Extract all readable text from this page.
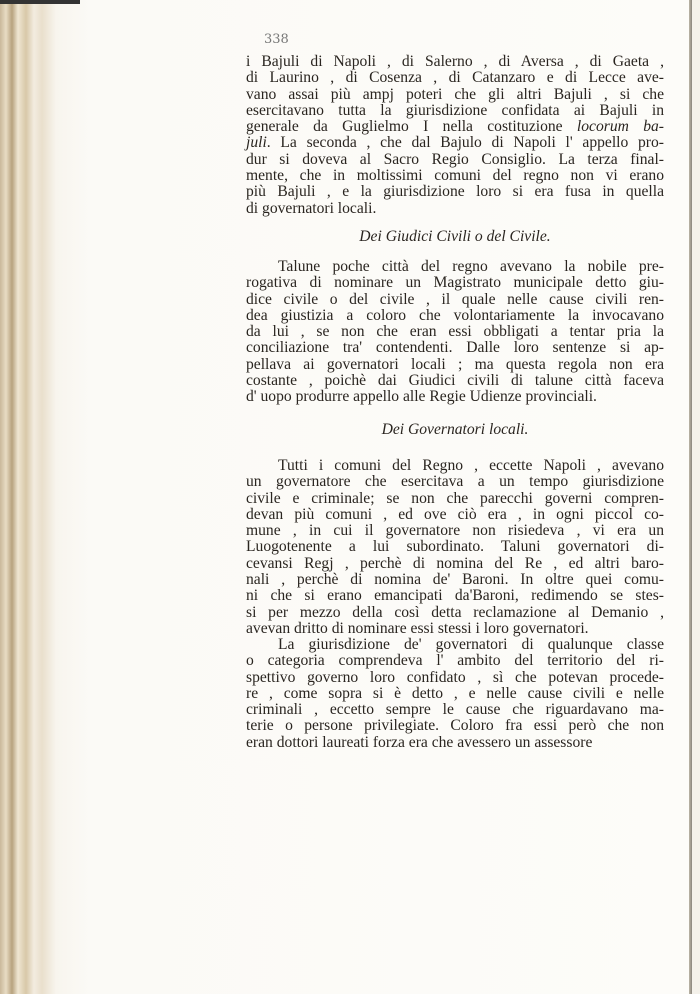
338
i Bajuli di Napoli , di Salerno , di Aversa , di Gaeta ,
di Laurino , di Cosenza , di Catanzaro e di Lecce ave-
vano assai più ampj poteri che gli altri Bajuli , si che
esercitavano tutta la giurisdizione confidata ai Bajuli in
generale da Guglielmo I nella costituzione locorum ba-
juli. La seconda , che dal Bajulo di Napoli l' appello pro-
dur si doveva al Sacro Regio Consiglio. La terza final-
mente, che in moltissimi comuni del regno non vi erano
più Bajuli , e la giurisdizione loro si era fusa in quella
di governatori locali.
Dei Giudici Civili o del Civile.
Talune poche città del regno avevano la nobile pre-
rogativa di nominare un Magistrato municipale detto giu-
dice civile o del civile , il quale nelle cause civili ren-
dea giustizia a coloro che volontariamente la invocavano
da lui , se non che eran essi obbligati a tentar pria la
conciliazione tra' contendenti. Dalle loro sentenze si ap-
pellava ai governatori locali ; ma questa regola non era
costante , poichè dai Giudici civili di talune città faceva
d' uopo produrre appello alle Regie Udienze provinciali.
Dei Governatori locali.
Tutti i comuni del Regno , eccette Napoli , avevano
un governatore che esercitava a un tempo giurisdizione
civile e criminale; se non che parecchi governi compren-
devan più comuni , ed ove ciò era , in ogni piccol co-
mune , in cui il governatore non risiedeva , vi era un
Luogotenente a lui subordinato. Taluni governatori di-
cevansi Regj , perchè di nomina del Re , ed altri baro-
nali , perchè di nomina de' Baroni. In oltre quei comu-
ni che si erano emancipati da'Baroni, redimendo se stes-
si per mezzo della così detta reclamazione al Demanio ,
avevan dritto di nominare essi stessi i loro governatori.
La giurisdizione de' governatori di qualunque classe
o categoria comprendeva l' ambito del territorio del ri-
spettivo governo loro confidato , sì che potevan procede-
re , come sopra si è detto , e nelle cause civili e nelle
criminali , eccetto sempre le cause che riguardavano ma-
terie o persone privilegiate. Coloro fra essi però che non
eran dottori laureati forza era che avessero un assessore
